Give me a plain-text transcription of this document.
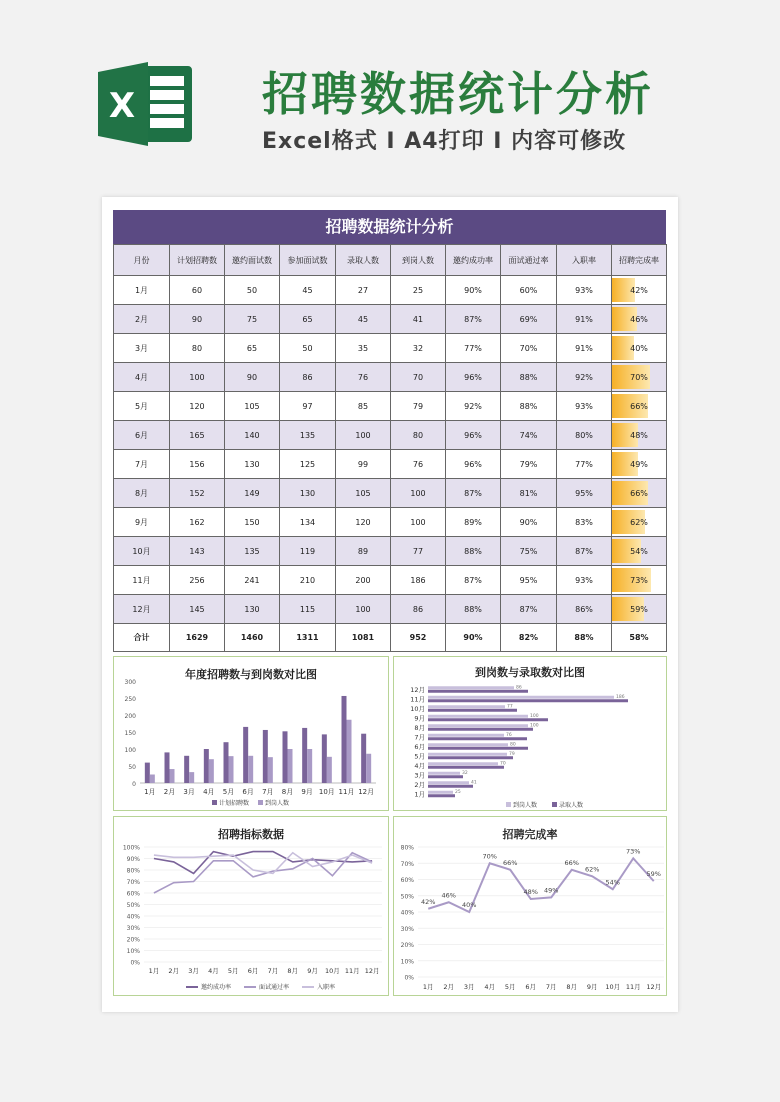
X	招聘数据统计分析
Excel格式 I A4打印 I 内容可修改
招聘数据统计分析
月份	计划招聘数	邀约面试数	参加面试数	录取人数	到岗人数	邀约成功率	面试通过率	入职率	招聘完成率
1月	60	50	45	27	25	90%	60%	93%	42%
2月	90	75	65	45	41	87%	69%	91%	46%
3月	80	65	50	35	32	77%	70%	91%	40%
4月	100	90	86	76	70	96%	88%	92%	70%
5月	120	105	97	85	79	92%	88%	93%	66%
6月	165	140	135	100	80	96%	74%	80%	48%
7月	156	130	125	99	76	96%	79%	77%	49%
8月	152	149	130	105	100	87%	81%	95%	66%
9月	162	150	134	120	100	89%	90%	83%	62%
10月	143	135	119	89	77	88%	75%	87%	54%
11月	256	241	210	200	186	87%	95%	93%	73%
12月	145	130	115	100	86	88%	87%	86%	59%
合计	1629	1460	1311	1081	952	90%	82%	88%	58%
年度招聘数与到岗数对比图
0
50
100
150
200
250
300
1月 2月 3月 4月 5月 6月 7月 8月 9月 10月 11月 12月
计划招聘数	到岗人数
到岗数与录取数对比图
12月	86
11月	186
10月	77
9月	100
8月	100
7月	76
6月	80
5月	79
4月	70
3月	32
2月	41
1月	25
到岗人数	录取人数
招聘指标数据
0%
10%
20%
30%
40%
50%
60%
70%
80%
90%
100%
1月 2月 3月 4月 5月 6月 7月 8月 9月 10月 11月 12月
邀约成功率	面试通过率	入职率
招聘完成率
0%
10%
20%
30%
40%
50%
60%
70%
80%
42%
46%
40%
70%
66%
48% 49%
66%
62%
54%
73%
59%
1月 2月 3月 4月 5月 6月 7月 8月 9月 10月 11月 12月
